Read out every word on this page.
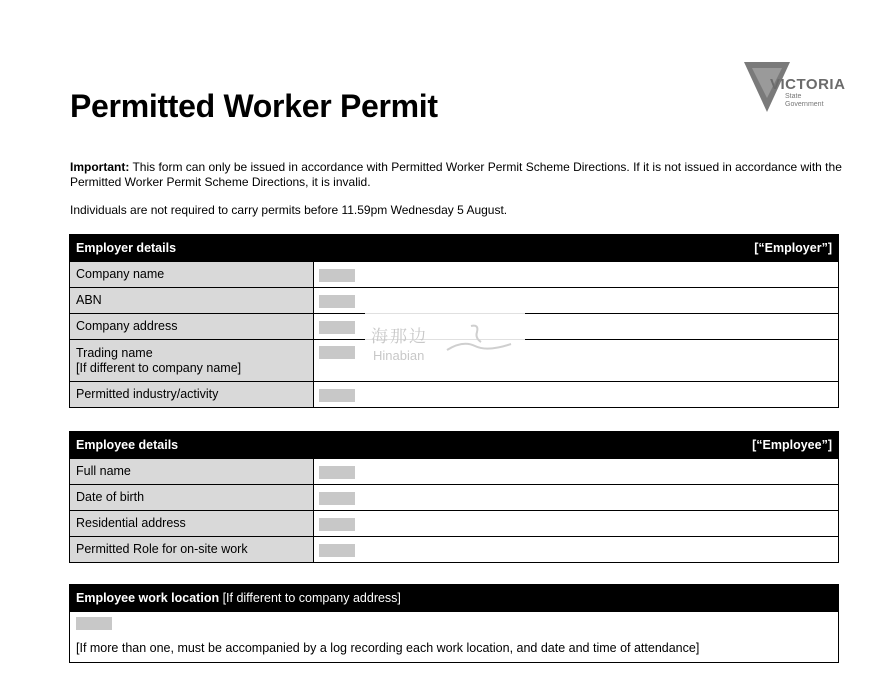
VICTORIA
State
Government
Permitted Worker Permit

Important: This form can only be issued in accordance with Permitted Worker Permit Scheme Directions. If it is not issued in accordance with the Permitted Worker Permit Scheme Directions, it is invalid.

Individuals are not required to carry permits before 11.59pm Wednesday 5 August.

Employer details [“Employer”]	

Company name	
ABN	
Company address	
Trading name
[If different to company name]	

Permitted industry/activity	
Employee details [“Employee”]	

Full name	
Date of birth	
Residential address	
Permitted Role for on-site work	
Employee work location [If different to company address]

[If more than one, must be accompanied by a log recording each work location, and date and time of attendance]
海那边
Hinabian
